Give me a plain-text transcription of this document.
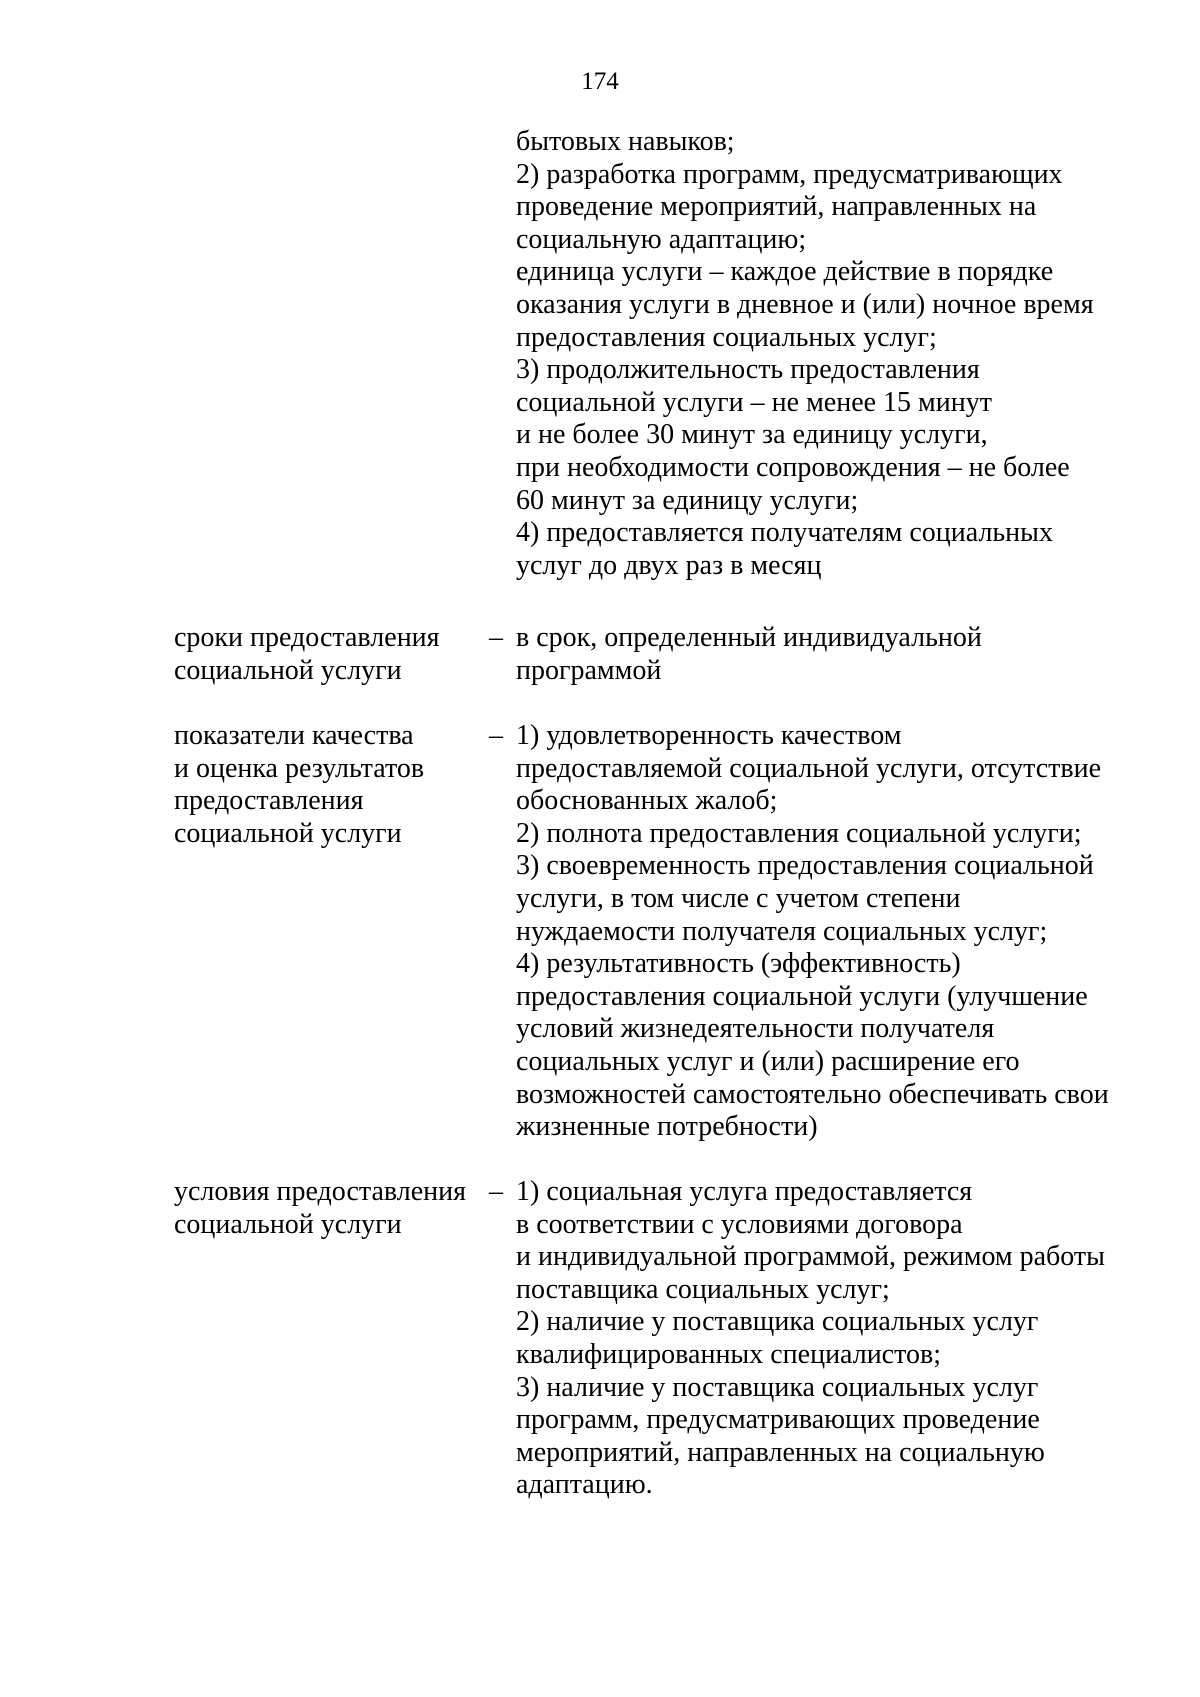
174
бытовых навыков;
2) разработка программ, предусматривающих
проведение мероприятий, направленных на
социальную адаптацию;
единица услуги – каждое действие в порядке
оказания услуги в дневное и (или) ночное время
предоставления социальных услуг;
3) продолжительность предоставления
социальной услуги – не менее 15 минут
и не более 30 минут за единицу услуги,
при необходимости сопровождения – не более
60 минут за единицу услуги;
4) предоставляется получателям социальных
услуг до двух раз в месяц
сроки предоставления
социальной услуги
– в срок, определенный индивидуальной
программой
показатели качества
и оценка результатов
предоставления
социальной услуги
– 1) удовлетворенность качеством
предоставляемой социальной услуги, отсутствие
обоснованных жалоб;
2) полнота предоставления социальной услуги;
3) своевременность предоставления социальной
услуги, в том числе с учетом степени
нуждаемости получателя социальных услуг;
4) результативность (эффективность)
предоставления социальной услуги (улучшение
условий жизнедеятельности получателя
социальных услуг и (или) расширение его
возможностей самостоятельно обеспечивать свои
жизненные потребности)
условия предоставления
социальной услуги
– 1) социальная услуга предоставляется
в соответствии с условиями договора
и индивидуальной программой, режимом работы
поставщика социальных услуг;
2) наличие у поставщика социальных услуг
квалифицированных специалистов;
3) наличие у поставщика социальных услуг
программ, предусматривающих проведение
мероприятий, направленных на социальную
адаптацию.
